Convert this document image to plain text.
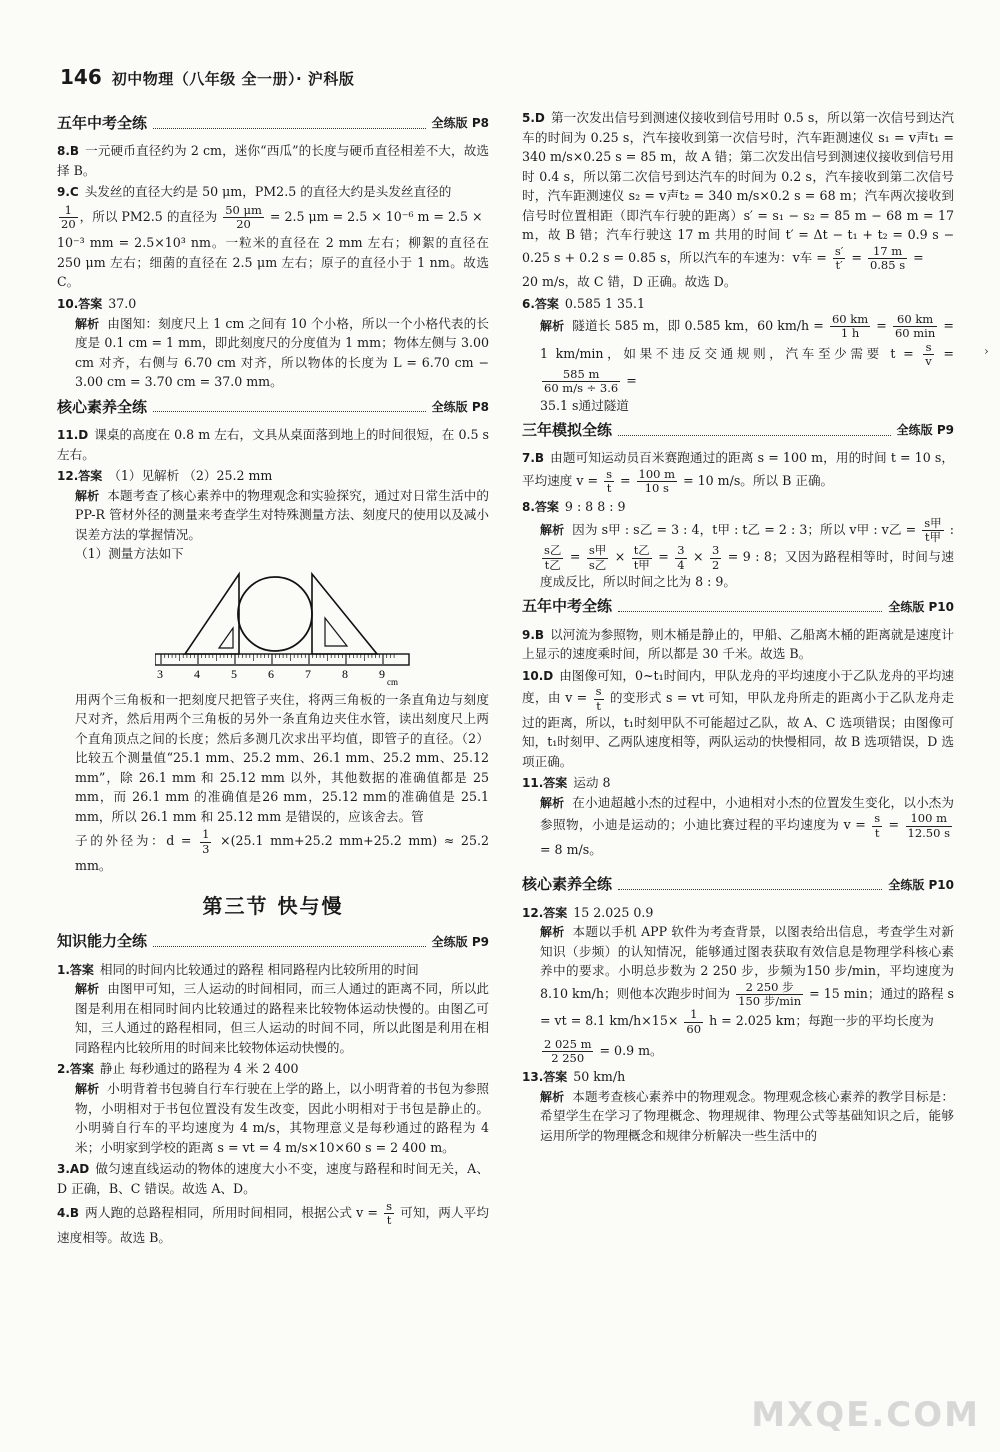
146 初中物理（八年级 全一册）· 沪科版
五年中考全练	全练版 P8
8.B 一元硬币直径约为 2 cm，迷你“西瓜”的长度与硬币直径相差不大，故选择 B。
9.C 头发丝的直径大约是 50 μm，PM2.5 的直径大约是头发丝直径的
$\frac{1}{20}$ ，所以 PM2.5 的直径为 $\frac{50 \mu m}{20} = 2.5$ μm = 2.5 × 10⁻⁶ m = 2.5 ×
10⁻³ mm = 2.5×10³ nm。一粒米的直径在 2 mm 左右；柳絮的直径在 250 μm 左右；细菌的直径在 2.5 μm 左右；原子的直径小于 1 nm。故选 C。
10.答案 37.0
解析 由图知：刻度尺上 1 cm 之间有 10 个小格，所以一个小格代表的长度是 0.1 cm = 1 mm，即此刻度尺的分度值为 1 mm；物体左侧与 3.00 cm 对齐，右侧与 6.70 cm 对齐，所以物体的长度为 L = 6.70 cm − 3.00 cm = 3.70 cm = 37.0 mm。
核心素养全练	全练版 P8
11.D 课桌的高度在 0.8 m 左右，文具从桌面落到地上的时间很短，在 0.5 s 左右。
12.答案 （1）见解析 （2）25.2 mm
解析 本题考查了核心素养中的物理观念和实验探究，通过对日常生活中的 PP-R 管材外径的测量来考查学生对特殊测量方法、刻度尺的使用以及减小误差方法的掌握情况。
（1）测量方法如下
3	4	5	6	7	8	9
cm
用两个三角板和一把刻度尺把管子夹住，将两三角板的一条直角边与刻度尺对齐，然后用两个三角板的另外一条直角边夹住水管，读出刻度尺上两个直角顶点之间的长度；然后多测几次求出平均值，即管子的直径。（2）比较五个测量值“25.1 mm、25.2 mm、26.1 mm、25.2 mm、25.12 mm”，除 26.1 mm 和 25.12 mm 以外，其他数据的准确值都是 25 mm，而 26.1 mm 的准确值是26 mm，25.12 mm的准确值是 25.1 mm，所以 26.1 mm 和 25.12 mm 是错误的，应该舍去。管
子的外径为：$d = \frac{1}{3} \times(25.1$ mm+25.2 mm+25.2 mm) ≈ 25.2 mm。
第三节 快与慢
知识能力全练	全练版 P9
1.答案 相同的时间内比较通过的路程 相同路程内比较所用的时间
解析 由图甲可知，三人运动的时间相同，而三人通过的距离不同，所以此图是利用在相同时间内比较通过的路程来比较物体运动快慢的。由图乙可知，三人通过的路程相同，但三人运动的时间不同，所以此图是利用在相同路程内比较所用的时间来比较物体运动快慢的。
2.答案 静止 每秒通过的路程为 4 米 2 400
解析 小明背着书包骑自行车行驶在上学的路上，以小明背着的书包为参照物，小明相对于书包位置没有发生改变，因此小明相对于书包是静止的。小明骑自行车的平均速度为 4 m/s，其物理意义是每秒通过的路程为 4 米；小明家到学校的距离 s = vt = 4 m/s×10×60 s = 2 400 m。
3.AD 做匀速直线运动的物体的速度大小不变，速度与路程和时间无关，A、D 正确，B、C 错误。故选 A、D。
4.B 两人跑的总路程相同，所用时间相同，根据公式 $v = \frac{s}{t}$ 可知，两人平均速度相等。故选 B。
5.D 第一次发出信号到测速仪接收到信号用时 0.5 s，所以第一次信号到达汽车的时间为 0.25 s，汽车接收到第一次信号时，汽车距测速仪 s₁ = v声t₁ = 340 m/s×0.25 s = 85 m，故 A 错；第二次发出信号到测速仪接收到信号用时 0.4 s，所以第二次信号到达汽车的时间为 0.2 s，汽车接收到第二次信号时，汽车距测速仪 s₂ = v声t₂ = 340 m/s×0.2 s = 68 m；汽车两次接收到信号时位置相距（即汽车行驶的距离）s′ = s₁ − s₂ = 85 m − 68 m = 17 m，故 B 错；汽车行驶这 17 m 共用的时间 t′ = Δt − t₁ + t₂ = 0.9 s − 0.25 s + 0.2 s = 0.85 s，所以汽车的车速为：v车 = $\frac{s'}{t'} = \frac{17 m}{0.85 s}$ =
20 m/s，故 C 错，D 正确。故选 D。
6.答案 0.585 1 35.1
解析 隧道长 585 m，即 0.585 km，60 $km/h = \frac{60 km}{1 h} = \frac{60 km}{60 \min} = 1$ km/min，如果不违反交通规则，汽车至少需要 $t = \frac{s}{v}$ =
$\frac{585 m}{60 m/s \div 3.6}$ =
35.1 s通过隧道
三年模拟全练	全练版 P9
7.B 由题可知运动员百米赛跑通过的距离 s = 100 m，用的时间 t = 10 s，平均速度 $v = \frac{s}{t} = \frac{100 m}{10 s} = 10$ m/s。所以 B 正确。
8.答案 9 : 8 8 : 9
解析 因为 s甲 : s乙 = 3 : 4，t甲 : t乙 = 2 : 3；所以 v甲 : v乙 = $\frac{\text{s甲}}{\text{t甲}}$ :
$\frac{\text{s乙}}{\text{t乙}} = \frac{\text{s甲}}{\text{s乙}} \times \frac{\text{t乙}}{\text{t甲}} = \frac{3}{4} \times \frac{3}{2} = 9$ : 8；又因为路程相等时，时间与速度成反比，所以时间之比为 8 : 9。
五年中考全练	全练版 P10
9.B 以河流为参照物，则木桶是静止的，甲船、乙船离木桶的距离就是速度计上显示的速度乘时间，所以都是 30 千米。故选 B。
10.D 由图像可知，0~t₁时间内，甲队龙舟的平均速度小于乙队龙舟的平均速度，由 $v = \frac{s}{t}$ 的变形式 s = vt 可知，甲队龙舟所走的距离小于乙队龙舟走过的距离，所以，t₁时刻甲队不可能超过乙队，故 A、C 选项错误；由图像可知，t₁时刻甲、乙两队速度相等，两队运动的快慢相同，故 B 选项错误，D 选项正确。
11.答案 运动 8
解析 在小迪超越小杰的过程中，小迪相对小杰的位置发生变化，以小杰为参照物，小迪是运动的；小迪比赛过程的平均速度为 $v = \frac{s}{t} = \frac{100 m}{12.50 s}$
= 8 m/s。
核心素养全练	全练版 P10
12.答案 15 2.025 0.9
解析 本题以手机 APP 软件为考查背景，以图表给出信息，考查学生对新知识（步频）的认知情况，能够通过图表获取有效信息是物理学科核心素养中的要求。小明总步数为 2 250 步，步频为150 步/min，平均速度为8.10 km/h；则他本次跑步时间为 $\frac{\text{2 250 步}}{\text{150 步/min}} = 15$ min；通过的路程 s = vt = 8.1 $km/h\times 15\times \frac{1}{60}$ h = 2.025 km；每跑一步的平均长度为
$\frac{2 025 m}{2 250} = 0.9$ m。
13.答案 50 km/h
解析 本题考查核心素养中的物理观念。物理观念核心素养的教学目标是：希望学生在学习了物理概念、物理规律、物理公式等基础知识之后，能够运用所学的物理概念和规律分析解决一些生活中的
›
MXQE.COM
